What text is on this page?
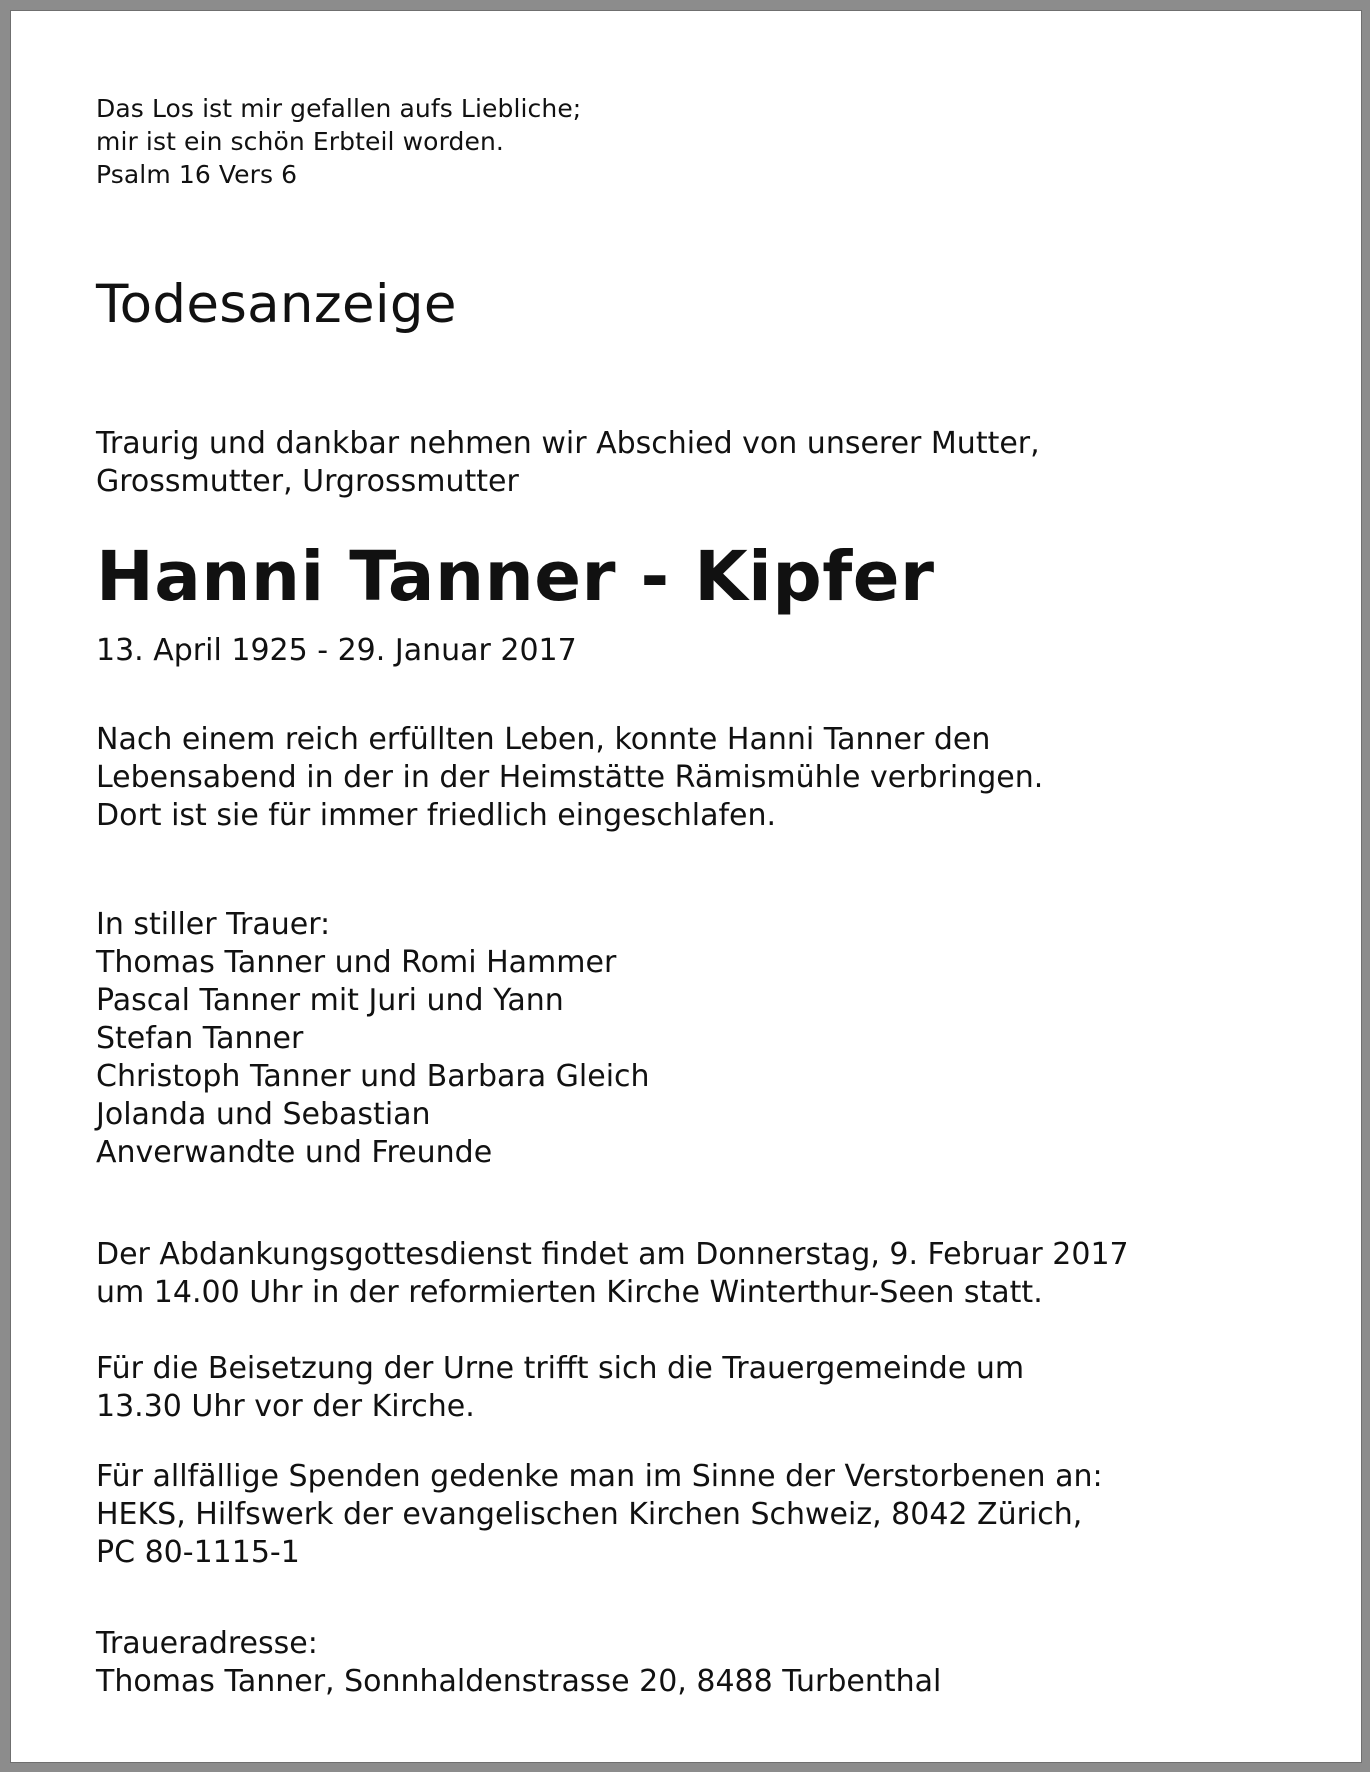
Das Los ist mir gefallen aufs Liebliche;

mir ist ein schön Erbteil worden.

Psalm 16 Vers 6

Todesanzeige

Traurig und dankbar nehmen wir Abschied von unserer Mutter,

Grossmutter, Urgrossmutter

Hanni Tanner - Kipfer

13. April 1925 - 29. Januar 2017

Nach einem reich erfüllten Leben, konnte Hanni Tanner den

Lebensabend in der in der Heimstätte Rämismühle verbringen.

Dort ist sie für immer friedlich eingeschlafen.

In stiller Trauer:

Thomas Tanner und Romi Hammer

Pascal Tanner mit Juri und Yann

Stefan Tanner

Christoph Tanner und Barbara Gleich

Jolanda und Sebastian

Anverwandte und Freunde

Der Abdankungsgottesdienst findet am Donnerstag, 9. Februar 2017

um 14.00 Uhr in der reformierten Kirche Winterthur-Seen statt.

Für die Beisetzung der Urne trifft sich die Trauergemeinde um

13.30 Uhr vor der Kirche.

Für allfällige Spenden gedenke man im Sinne der Verstorbenen an:

HEKS, Hilfswerk der evangelischen Kirchen Schweiz, 8042 Zürich,

PC 80-1115-1

Traueradresse:

Thomas Tanner, Sonnhaldenstrasse 20, 8488 Turbenthal
